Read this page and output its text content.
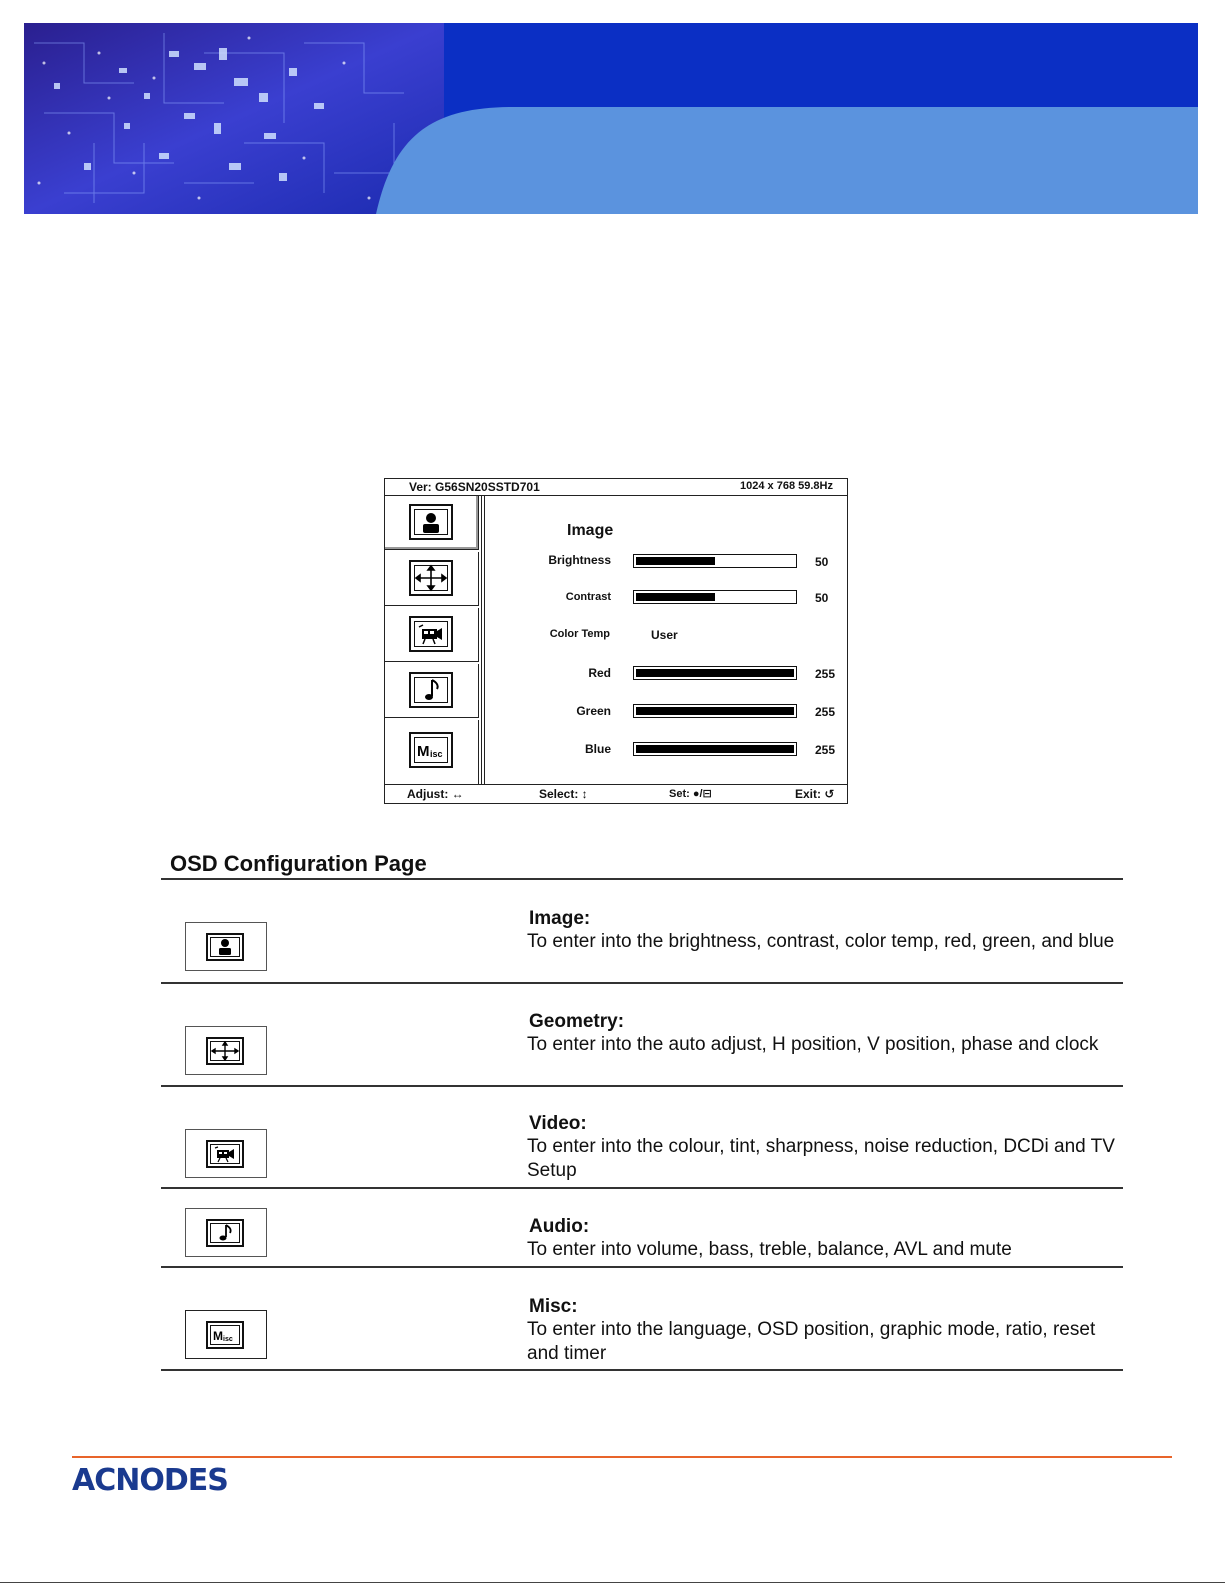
Ver: G56SN20SSTD701	1024 x 768 59.8Hz
M isc
Image
Brightness	50
Contrast	50
Color Temp	User
Red	255
Green	255
Blue	255
Adjust: ↔	Select: ↕	Set: ●/⊟	Exit: ↺
OSD Configuration Page
Image:
To enter into the brightness, contrast, color temp, red, green, and blue
Geometry:
To enter into the auto adjust, H position, V position, phase and clock
Video:
To enter into the colour, tint, sharpness, noise reduction, DCDi and TV Setup
Audio:
To enter into volume, bass, treble, balance, AVL and mute
M isc
Misc:
To enter into the language, OSD position, graphic mode, ratio, reset and timer
ACNODES
